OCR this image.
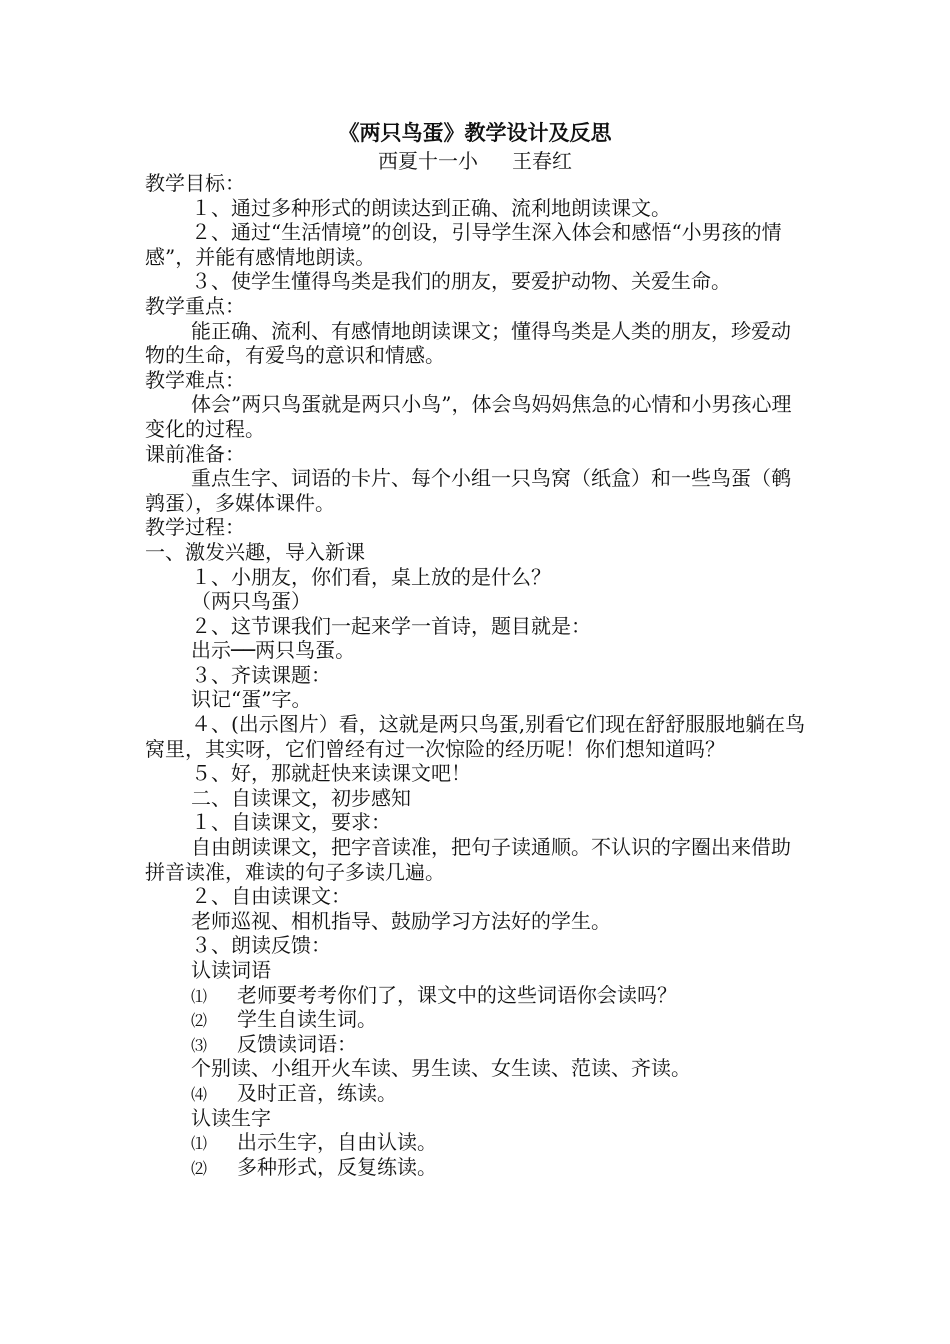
《两只鸟蛋》教学设计及反思
西夏十一小 王春红
教学目标：
１、通过多种形式的朗读达到正确、流利地朗读课文。
２、通过“生活情境”的创设，引导学生深入体会和感悟“小男孩的情感”，并能有感情地朗读。
３、使学生懂得鸟类是我们的朋友，要爱护动物、关爱生命。
教学重点：
能正确、流利、有感情地朗读课文；懂得鸟类是人类的朋友，珍爱动物的生命，有爱鸟的意识和情感。
教学难点：
体会”两只鸟蛋就是两只小鸟”，体会鸟妈妈焦急的心情和小男孩心理变化的过程。
课前准备：
重点生字、词语的卡片、每个小组一只鸟窝（纸盒）和一些鸟蛋（鹌鹑蛋），多媒体课件。
教学过程：
一、激发兴趣，导入新课
１、小朋友，你们看，桌上放的是什么？
（两只鸟蛋）
２、这节课我们一起来学一首诗，题目就是：
出示──两只鸟蛋。
３、齐读课题：
识记“蛋”字。
４、(出示图片）看，这就是两只鸟蛋,别看它们现在舒舒服服地躺在鸟窝里，其实呀，它们曾经有过一次惊险的经历呢！你们想知道吗？
５、好，那就赶快来读课文吧！
二、自读课文，初步感知
１、自读课文，要求：
自由朗读课文，把字音读准，把句子读通顺。不认识的字圈出来借助拼音读准，难读的句子多读几遍。
２、自由读课文：
老师巡视、相机指导、鼓励学习方法好的学生。
３、朗读反馈：
认读词语
⑴ 老师要考考你们了，课文中的这些词语你会读吗？
⑵ 学生自读生词。
⑶ 反馈读词语：
个别读、小组开火车读、男生读、女生读、范读、齐读。
⑷ 及时正音，练读。
认读生字
⑴ 出示生字，自由认读。
⑵ 多种形式，反复练读。
